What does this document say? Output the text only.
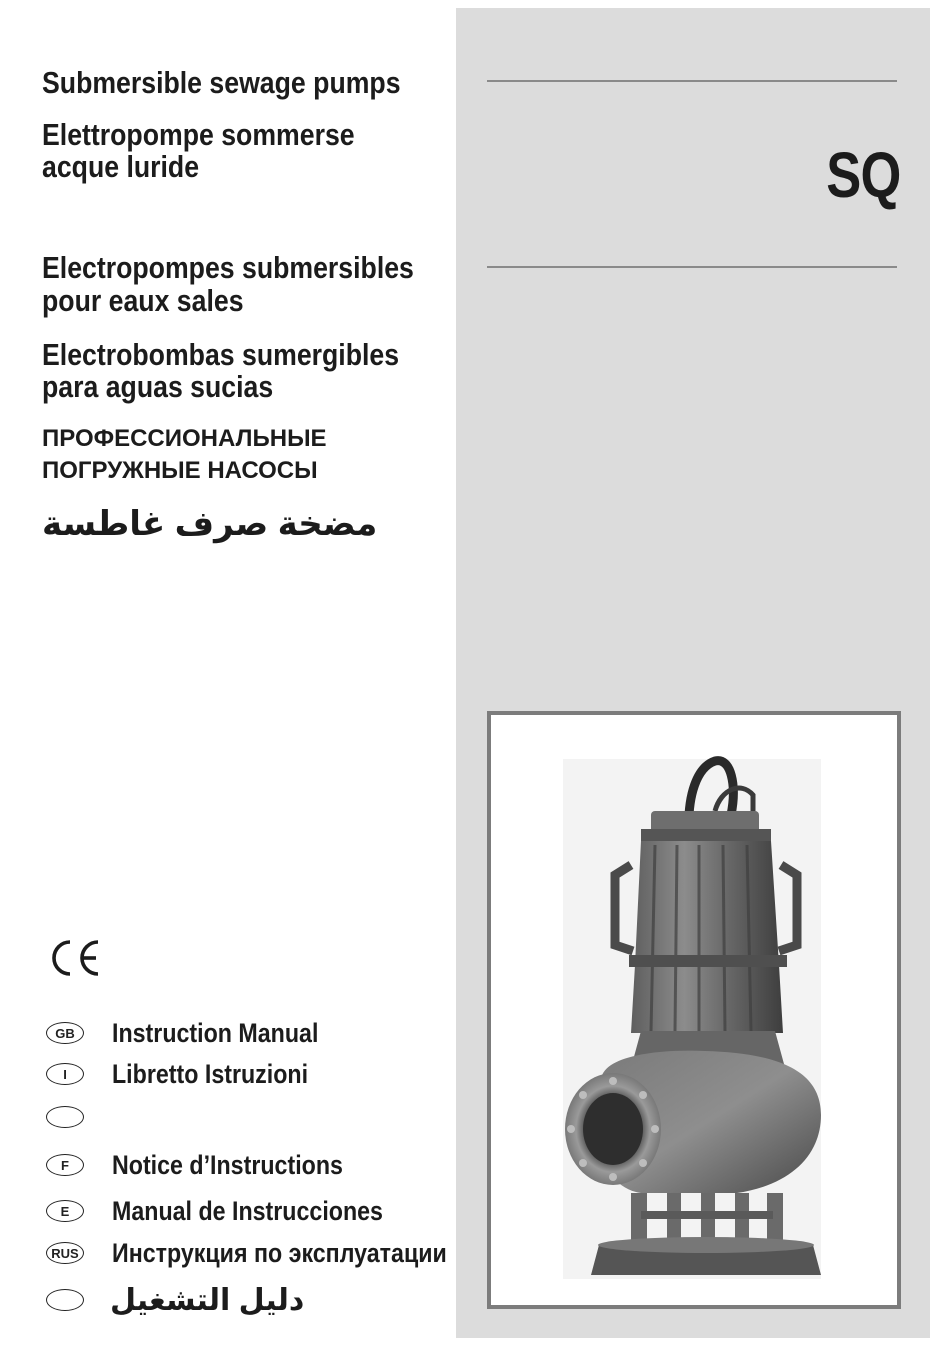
SQ
Submersible sewage pumps
Elettropompe sommerse
acque luride
Electropompes submersibles
pour eaux sales
Electrobombas sumergibles
para aguas sucias
ПРОФЕССИОНАЛЬНЫЕ
ПОГРУЖНЫЕ НАСОСЫ
مضخة صرف غاطسة
GB	Instruction Manual
I	Libretto Istruzioni
F	Notice d’Instructions
E	Manual de Instrucciones
RUS Инструкция по эксплуатации
دليل التشغيل
